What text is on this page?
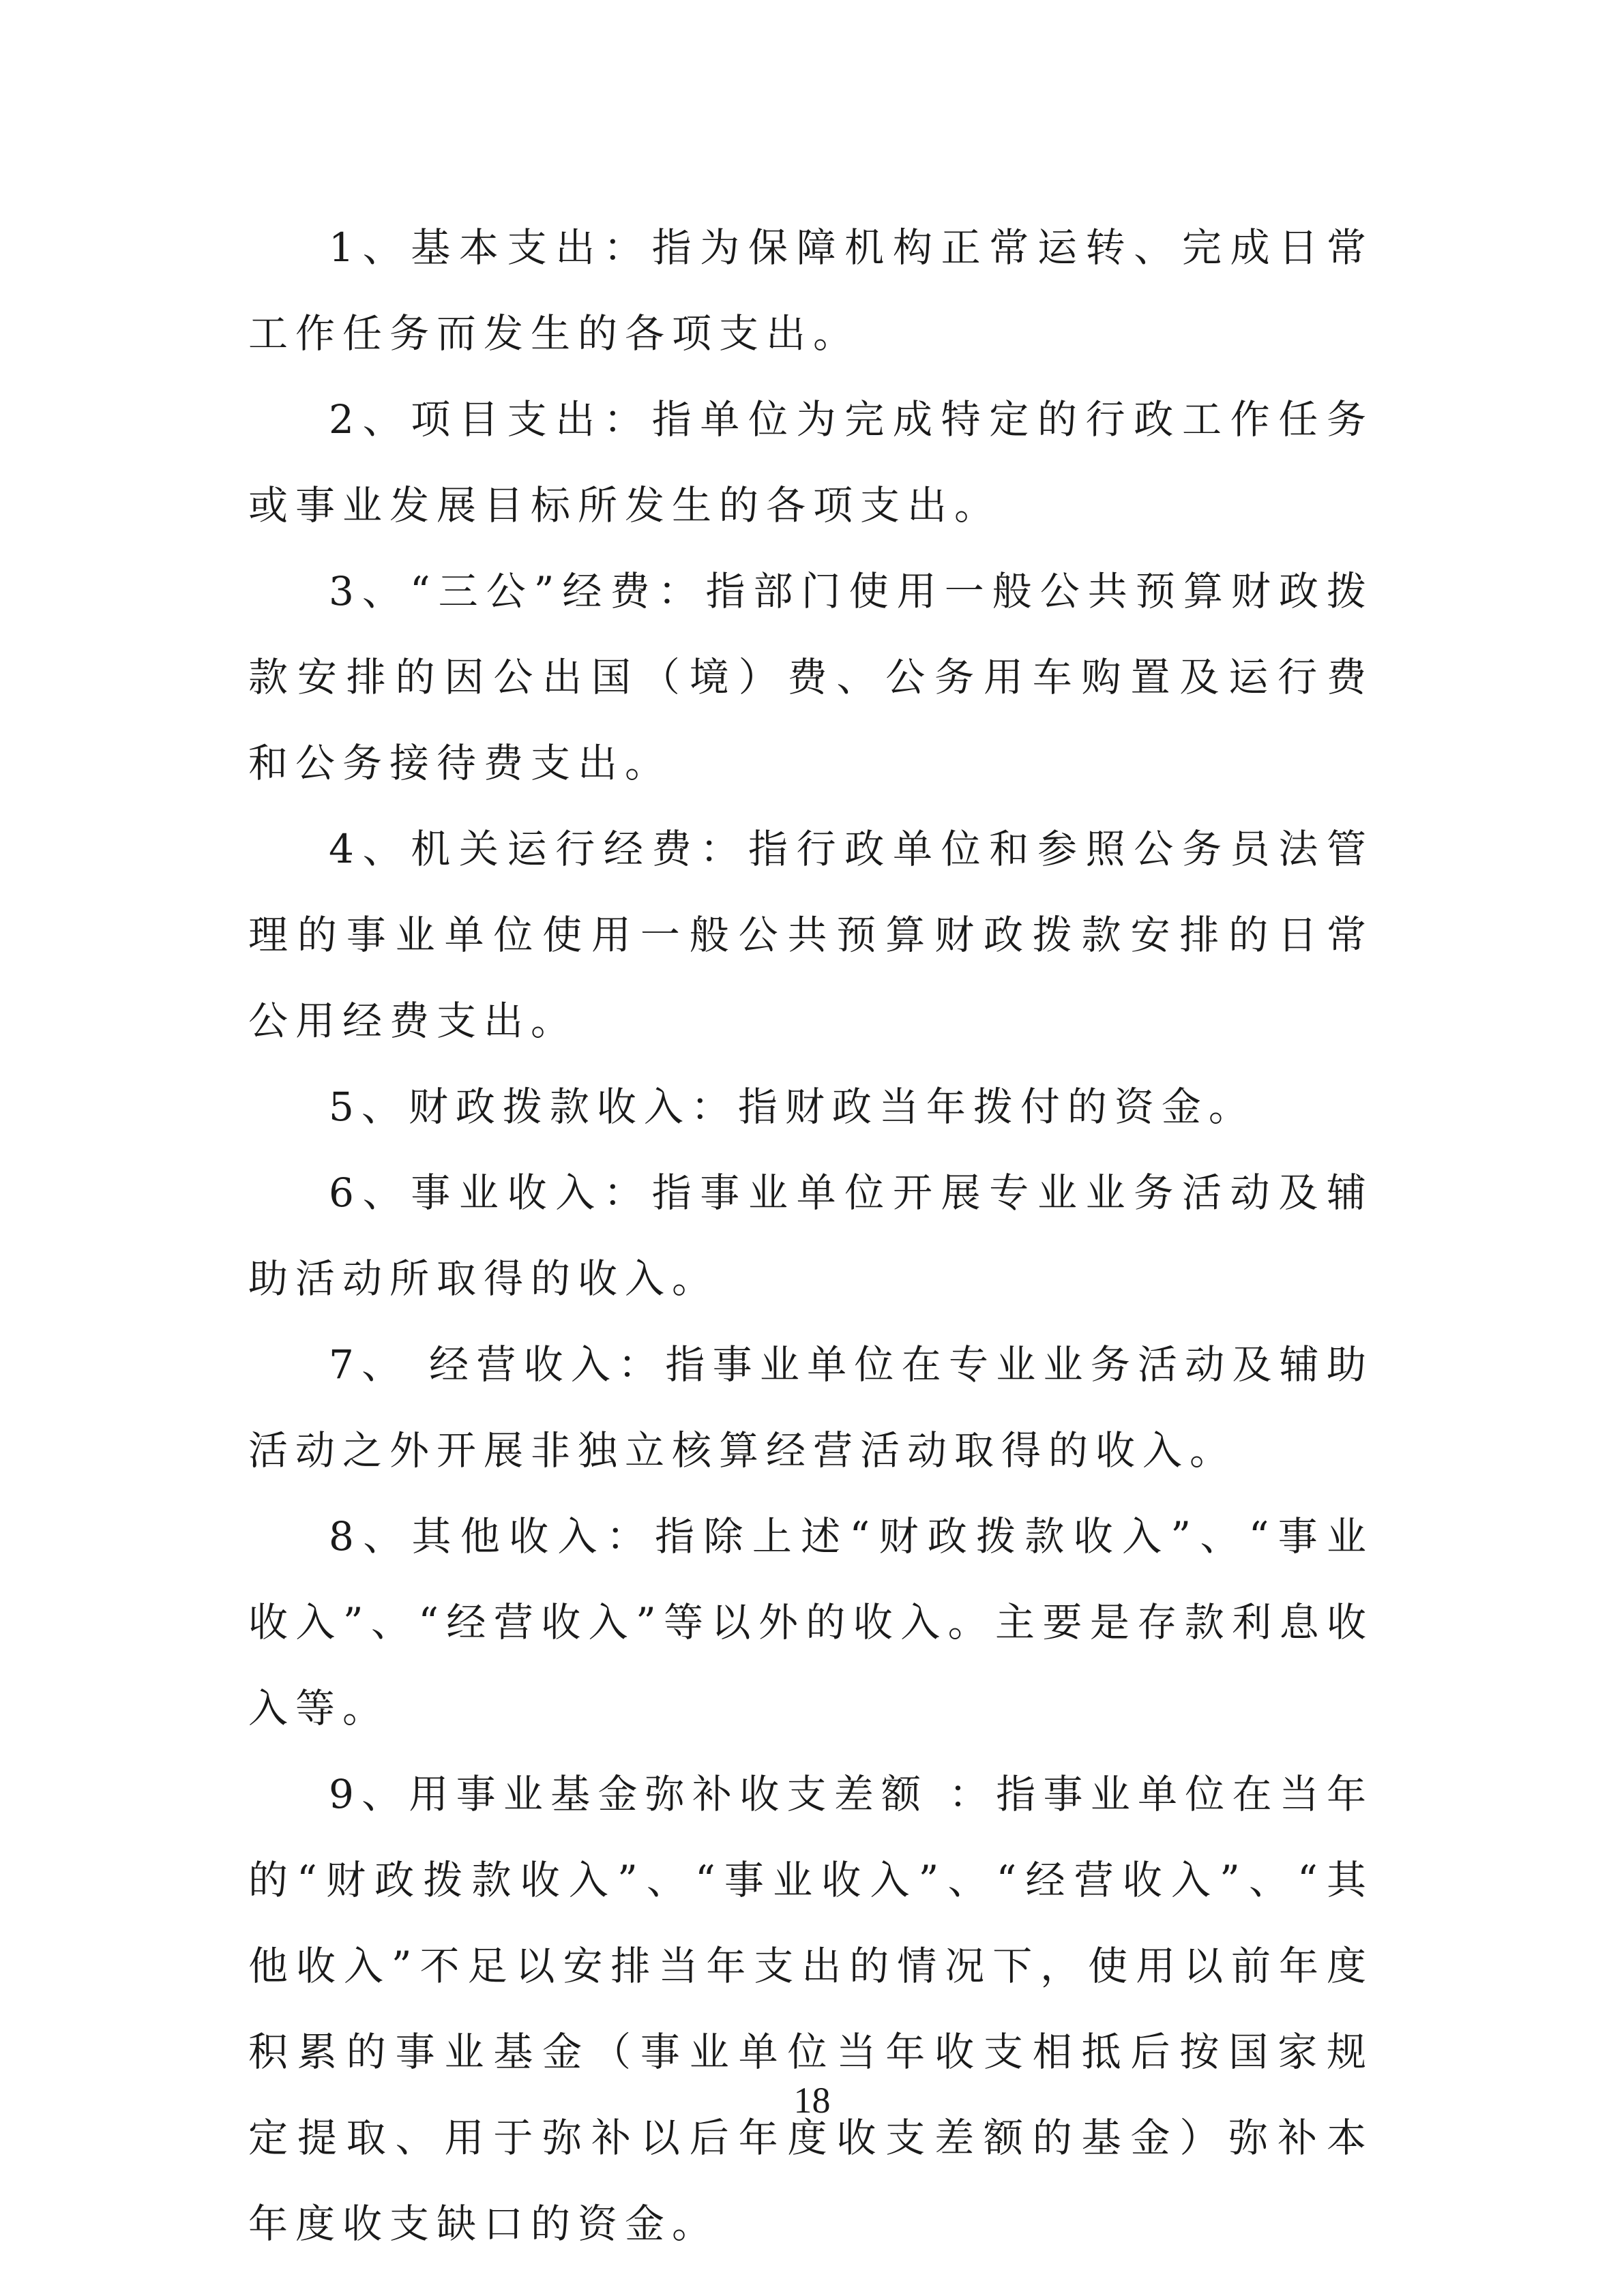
1、基本支出：指为保障机构正常运转、完成日常工作任务而发生的各项支出。

2、项目支出：指单位为完成特定的行政工作任务或事业发展目标所发生的各项支出。

3、“三公”经费：指部门使用一般公共预算财政拨款安排的因公出国（境）费、公务用车购置及运行费和公务接待费支出。

4、机关运行经费：指行政单位和参照公务员法管理的事业单位使用一般公共预算财政拨款安排的日常公用经费支出。

5、财政拨款收入：指财政当年拨付的资金。

6、事业收入：指事业单位开展专业业务活动及辅助活动所取得的收入。

7、 经营收入：指事业单位在专业业务活动及辅助活动之外开展非独立核算经营活动取得的收入。

8、其他收入：指除上述“财政拨款收入”、“事业收入”、“经营收入”等以外的收入。主要是存款利息收入等。

9、用事业基金弥补收支差额 ：指事业单位在当年的“财政拨款收入”、“事业收入”、“经营收入”、“其他收入”不足以安排当年支出的情况下，使用以前年度积累的事业基金（事业单位当年收支相抵后按国家规定提取、用于弥补以后年度收支差额的基金）弥补本年度收支缺口的资金。

18
